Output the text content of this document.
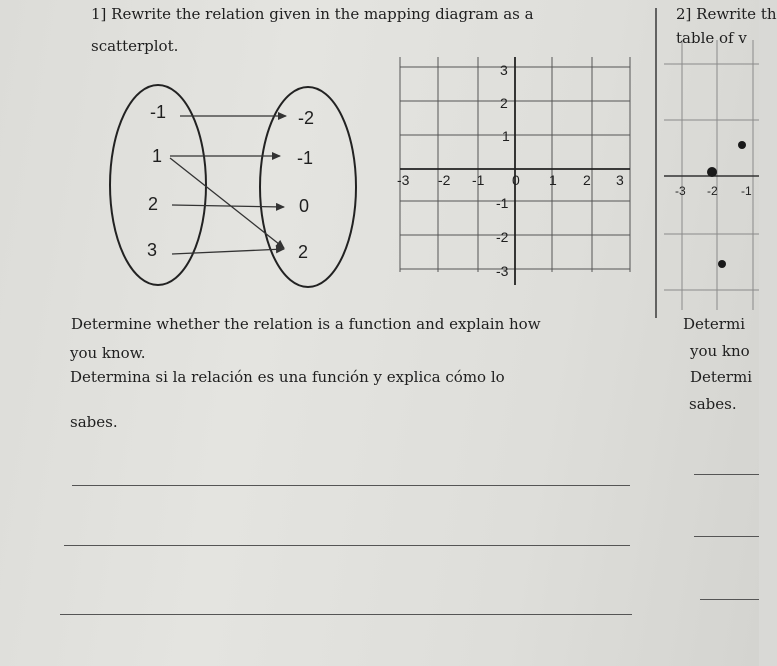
1] Rewrite the relation given in the mapping diagram as a
scatterplot.
2] Rewrite th
table of v
-1
1
2
3
-2
-1
0
2
-3 -2 -1 0 1 2 3
3
2
1
-1
-2
-3
-3 -2 -1
Determine whether the relation is a function and explain how
you know.
Determina si la relación es una función y explica cómo lo
sabes.
Determi
you kno
Determi
sabes.
